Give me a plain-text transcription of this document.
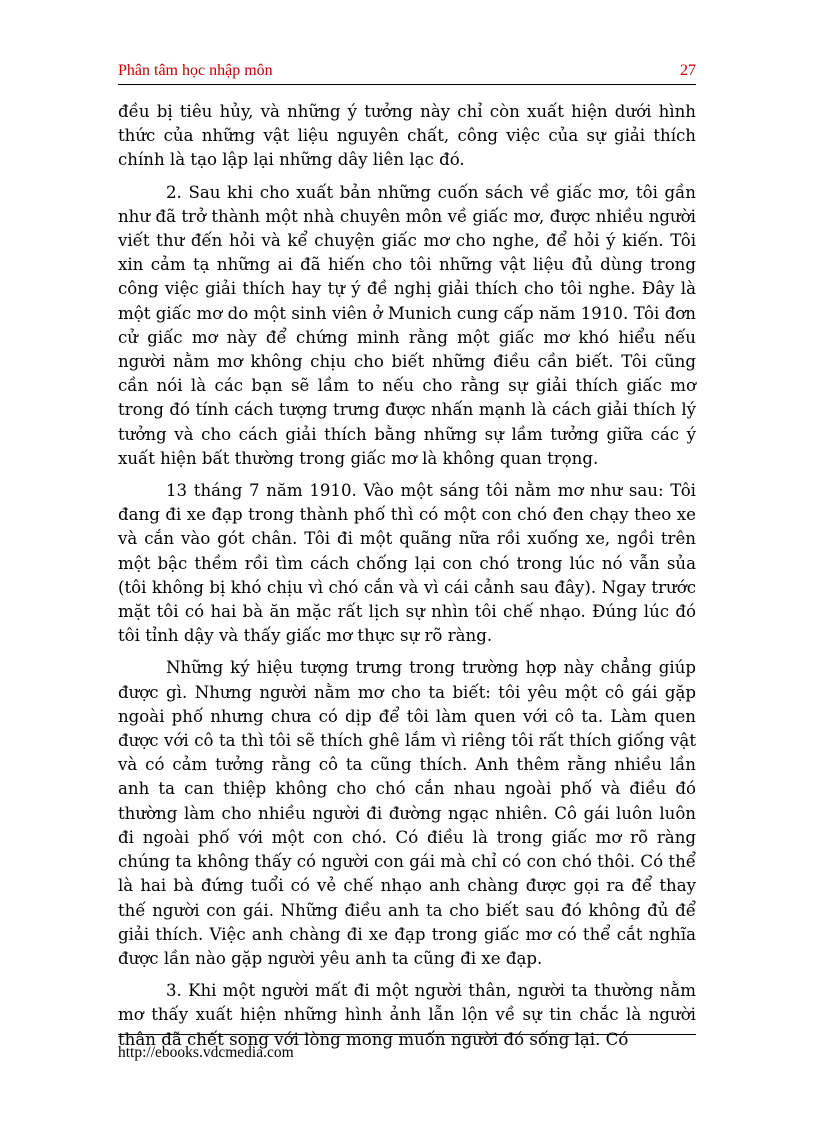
Phân tâm học nhập môn	27

đều bị tiêu hủy, và những ý tưởng này chỉ còn xuất hiện dưới hình thức của những vật liệu nguyên chất, công việc của sự giải thích chính là tạo lập lại những dây liên lạc đó.

2. Sau khi cho xuất bản những cuốn sách về giấc mơ, tôi gần như đã trở thành một nhà chuyên môn về giấc mơ, được nhiều người viết thư đến hỏi và kể chuyện giấc mơ cho nghe, để hỏi ý kiến. Tôi xin cảm tạ những ai đã hiến cho tôi những vật liệu đủ dùng trong công việc giải thích hay tự ý đề nghị giải thích cho tôi nghe. Đây là một giấc mơ do một sinh viên ở Munich cung cấp năm 1910. Tôi đơn cử giấc mơ này để chứng minh rằng một giấc mơ khó hiểu nếu người nằm mơ không chịu cho biết những điều cần biết. Tôi cũng cần nói là các bạn sẽ lầm to nếu cho rằng sự giải thích giấc mơ trong đó tính cách tượng trưng được nhấn mạnh là cách giải thích lý tưởng và cho cách giải thích bằng những sự lầm tưởng giữa các ý xuất hiện bất thường trong giấc mơ là không quan trọng.

13 tháng 7 năm 1910. Vào một sáng tôi nằm mơ như sau: Tôi đang đi xe đạp trong thành phố thì có một con chó đen chạy theo xe và cắn vào gót chân. Tôi đi một quãng nữa rồi xuống xe, ngồi trên một bậc thềm rồi tìm cách chống lại con chó trong lúc nó vẫn sủa (tôi không bị khó chịu vì chó cắn và vì cái cảnh sau đây). Ngay trước mặt tôi có hai bà ăn mặc rất lịch sự nhìn tôi chế nhạo. Đúng lúc đó tôi tỉnh dậy và thấy giấc mơ thực sự rõ ràng.

Những ký hiệu tượng trưng trong trường hợp này chẳng giúp được gì. Nhưng người nằm mơ cho ta biết: tôi yêu một cô gái gặp ngoài phố nhưng chưa có dịp để tôi làm quen với cô ta. Làm quen được với cô ta thì tôi sẽ thích ghê lắm vì riêng tôi rất thích giống vật và có cảm tưởng rằng cô ta cũng thích. Anh thêm rằng nhiều lần anh ta can thiệp không cho chó cắn nhau ngoài phố và điều đó thường làm cho nhiều người đi đường ngạc nhiên. Cô gái luôn luôn đi ngoài phố với một con chó. Có điều là trong giấc mơ rõ ràng chúng ta không thấy có người con gái mà chỉ có con chó thôi. Có thể là hai bà đứng tuổi có vẻ chế nhạo anh chàng được gọi ra để thay thế người con gái. Những điều anh ta cho biết sau đó không đủ để giải thích. Việc anh chàng đi xe đạp trong giấc mơ có thể cắt nghĩa được lần nào gặp người yêu anh ta cũng đi xe đạp.

3. Khi một người mất đi một người thân, người ta thường nằm mơ thấy xuất hiện những hình ảnh lẫn lộn về sự tin chắc là người thân đã chết song với lòng mong muốn người đó sống lại. Có

http://ebooks.vdcmedia.com
